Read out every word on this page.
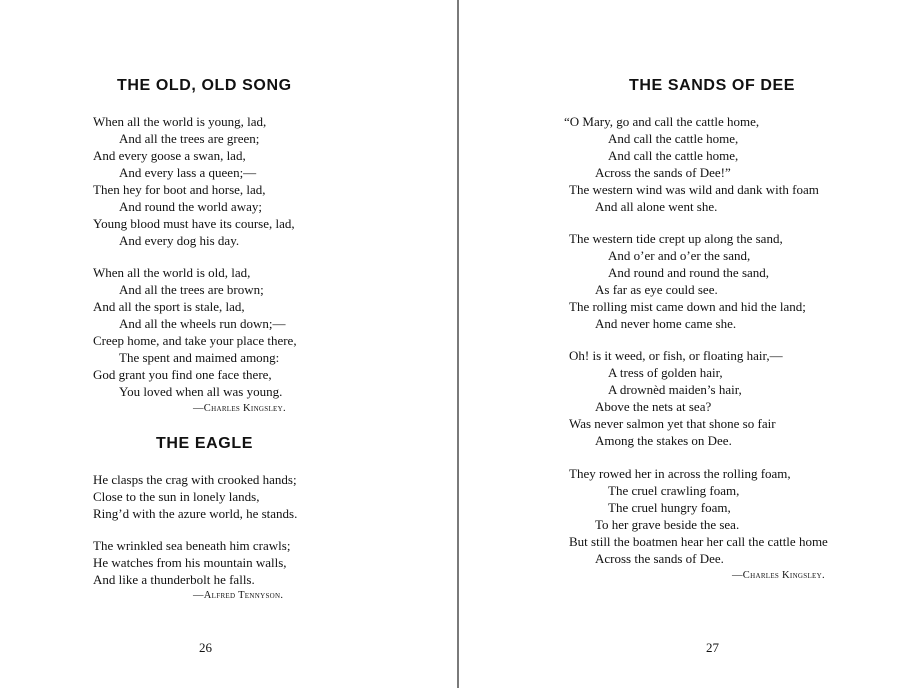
THE OLD, OLD SONG
When all the world is young, lad,
And all the trees are green;
And every goose a swan, lad,
And every lass a queen;—
Then hey for boot and horse, lad,
And round the world away;
Young blood must have its course, lad,
And every dog his day.
When all the world is old, lad,
And all the trees are brown;
And all the sport is stale, lad,
And all the wheels run down;—
Creep home, and take your place there,
The spent and maimed among:
God grant you find one face there,
You loved when all was young.
—Charles Kingsley.
THE EAGLE
He clasps the crag with crooked hands;
Close to the sun in lonely lands,
Ring’d with the azure world, he stands.
The wrinkled sea beneath him crawls;
He watches from his mountain walls,
And like a thunderbolt he falls.
—Alfred Tennyson.
26
THE SANDS OF DEE
“O Mary, go and call the cattle home,
And call the cattle home,
And call the cattle home,
Across the sands of Dee!”
The western wind was wild and dank with foam
And all alone went she.
The western tide crept up along the sand,
And o’er and o’er the sand,
And round and round the sand,
As far as eye could see.
The rolling mist came down and hid the land;
And never home came she.
Oh! is it weed, or fish, or floating hair,—
A tress of golden hair,
A drownèd maiden’s hair,
Above the nets at sea?
Was never salmon yet that shone so fair
Among the stakes on Dee.
They rowed her in across the rolling foam,
The cruel crawling foam,
The cruel hungry foam,
To her grave beside the sea.
But still the boatmen hear her call the cattle home
Across the sands of Dee.
—Charles Kingsley.
27
